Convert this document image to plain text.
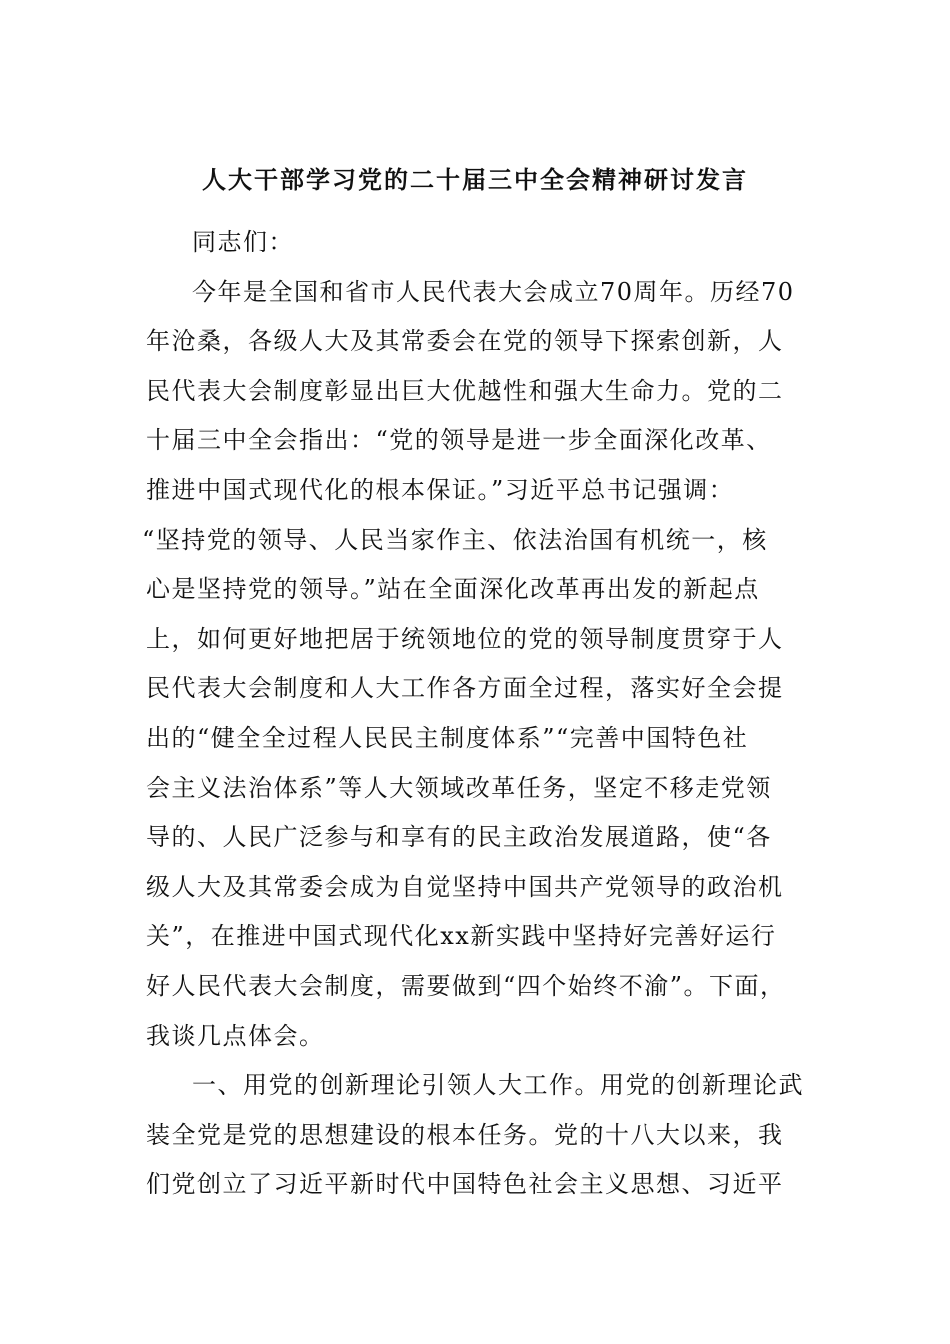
人大干部学习党的二十届三中全会精神研讨发言
同志们：
今年是全国和省市人民代表大会成立70周年。历经70
年沧桑，各级人大及其常委会在党的领导下探索创新，人
民代表大会制度彰显出巨大优越性和强大生命力。党的二
十届三中全会指出：“党的领导是进一步全面深化改革、
推进中国式现代化的根本保证。”习近平总书记强调：
“坚持党的领导、人民当家作主、依法治国有机统一，核
心是坚持党的领导。”站在全面深化改革再出发的新起点
上，如何更好地把居于统领地位的党的领导制度贯穿于人
民代表大会制度和人大工作各方面全过程，落实好全会提
出的“健全全过程人民民主制度体系”“完善中国特色社
会主义法治体系”等人大领域改革任务，坚定不移走党领
导的、人民广泛参与和享有的民主政治发展道路，使“各
级人大及其常委会成为自觉坚持中国共产党领导的政治机
关”，在推进中国式现代化xx新实践中坚持好完善好运行
好人民代表大会制度，需要做到“四个始终不渝”。下面，
我谈几点体会。
一、用党的创新理论引领人大工作。用党的创新理论武
装全党是党的思想建设的根本任务。党的十八大以来，我
们党创立了习近平新时代中国特色社会主义思想、习近平
